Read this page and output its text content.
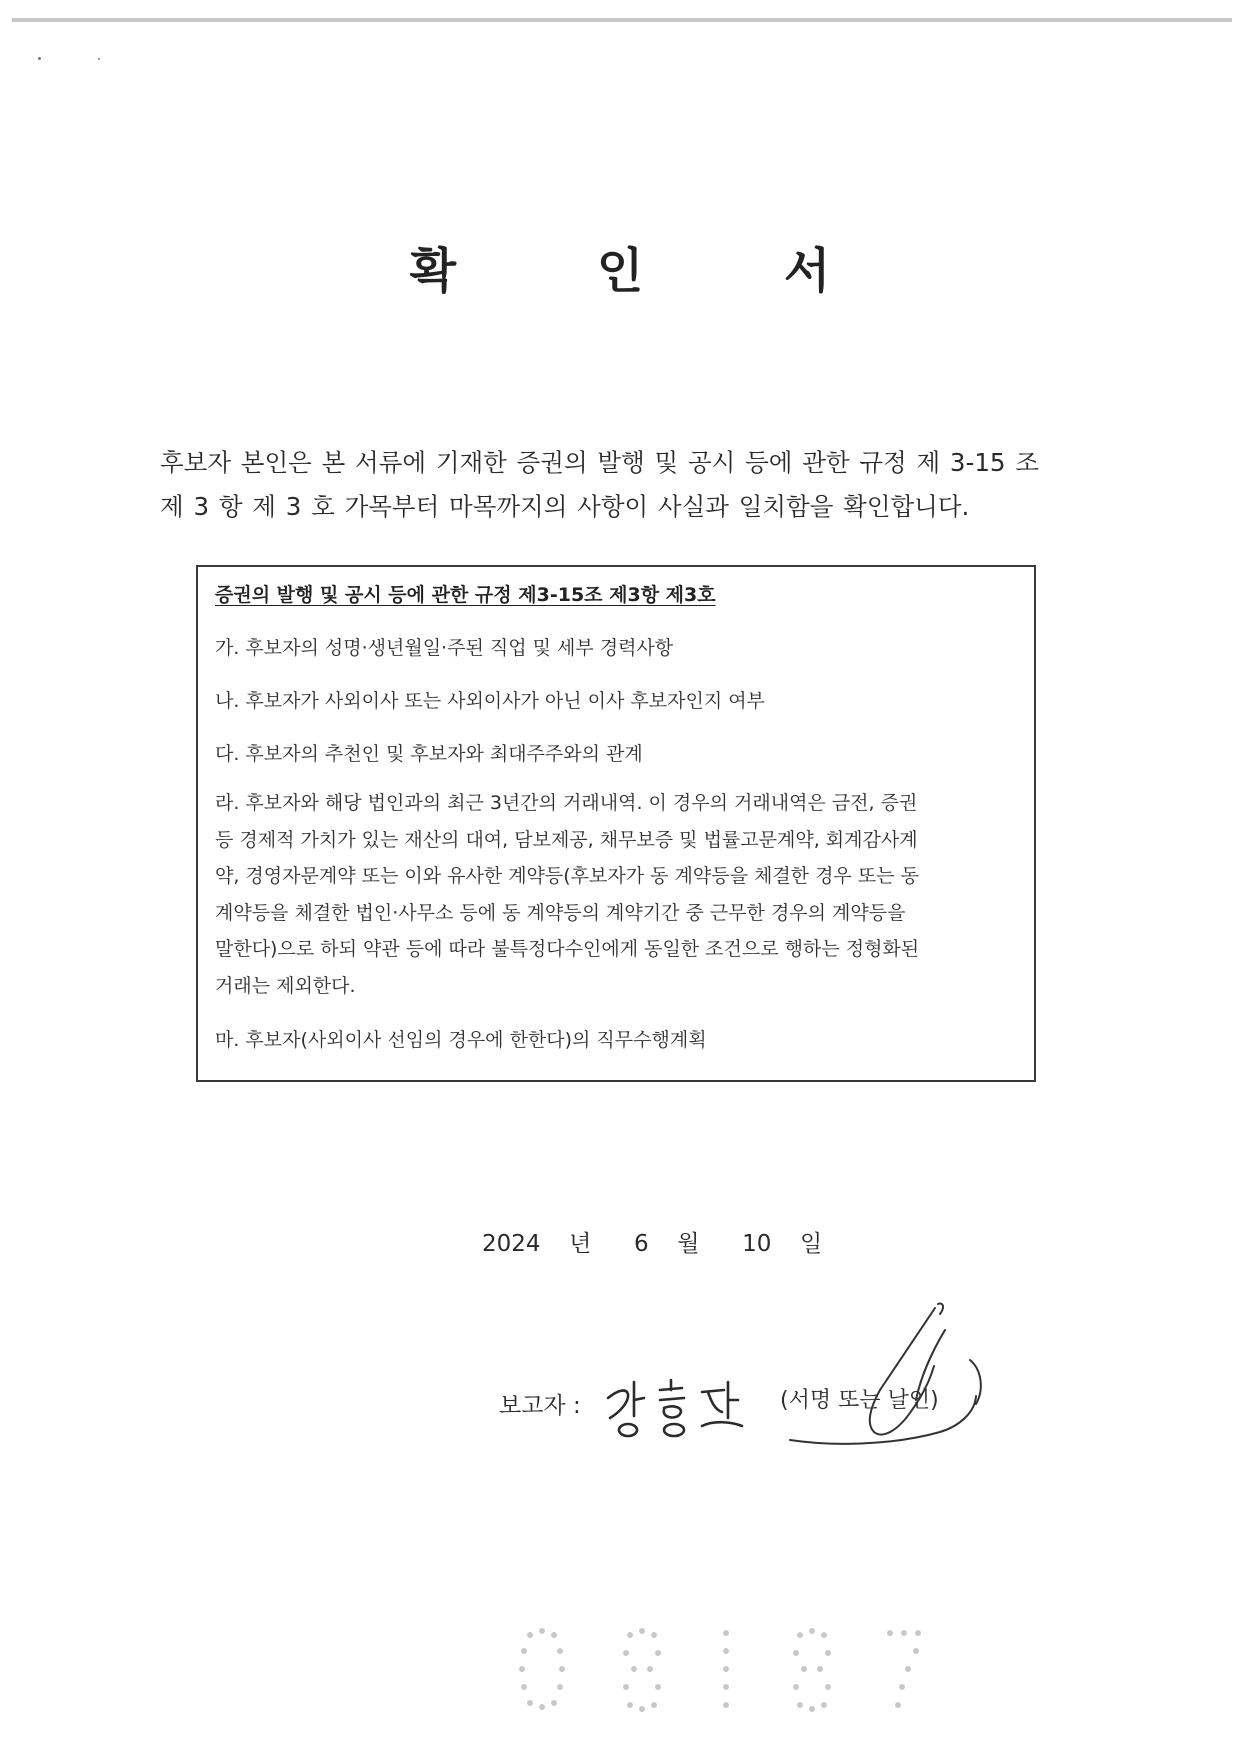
확 인 서
후보자 본인은 본 서류에 기재한 증권의 발행 및 공시 등에 관한 규정 제 3-15 조
제 3 항 제 3 호 가목부터 마목까지의 사항이 사실과 일치함을 확인합니다.
증권의 발행 및 공시 등에 관한 규정 제3-15조 제3항 제3호
가. 후보자의 성명·생년월일·주된 직업 및 세부 경력사항
나. 후보자가 사외이사 또는 사외이사가 아닌 이사 후보자인지 여부
다. 후보자의 추천인 및 후보자와 최대주주와의 관계
라. 후보자와 해당 법인과의 최근 3년간의 거래내역. 이 경우의 거래내역은 금전, 증권
등 경제적 가치가 있는 재산의 대여, 담보제공, 채무보증 및 법률고문계약, 회계감사계
약, 경영자문계약 또는 이와 유사한 계약등(후보자가 동 계약등을 체결한 경우 또는 동
계약등을 체결한 법인·사무소 등에 동 계약등의 계약기간 중 근무한 경우의 계약등을
말한다)으로 하되 약관 등에 따라 불특정다수인에게 동일한 조건으로 행하는 정형화된
거래는 제외한다.
마. 후보자(사외이사 선임의 경우에 한한다)의 직무수행계획
2024 년 6 월 10 일
보고자 :	(서명 또는 날인)
